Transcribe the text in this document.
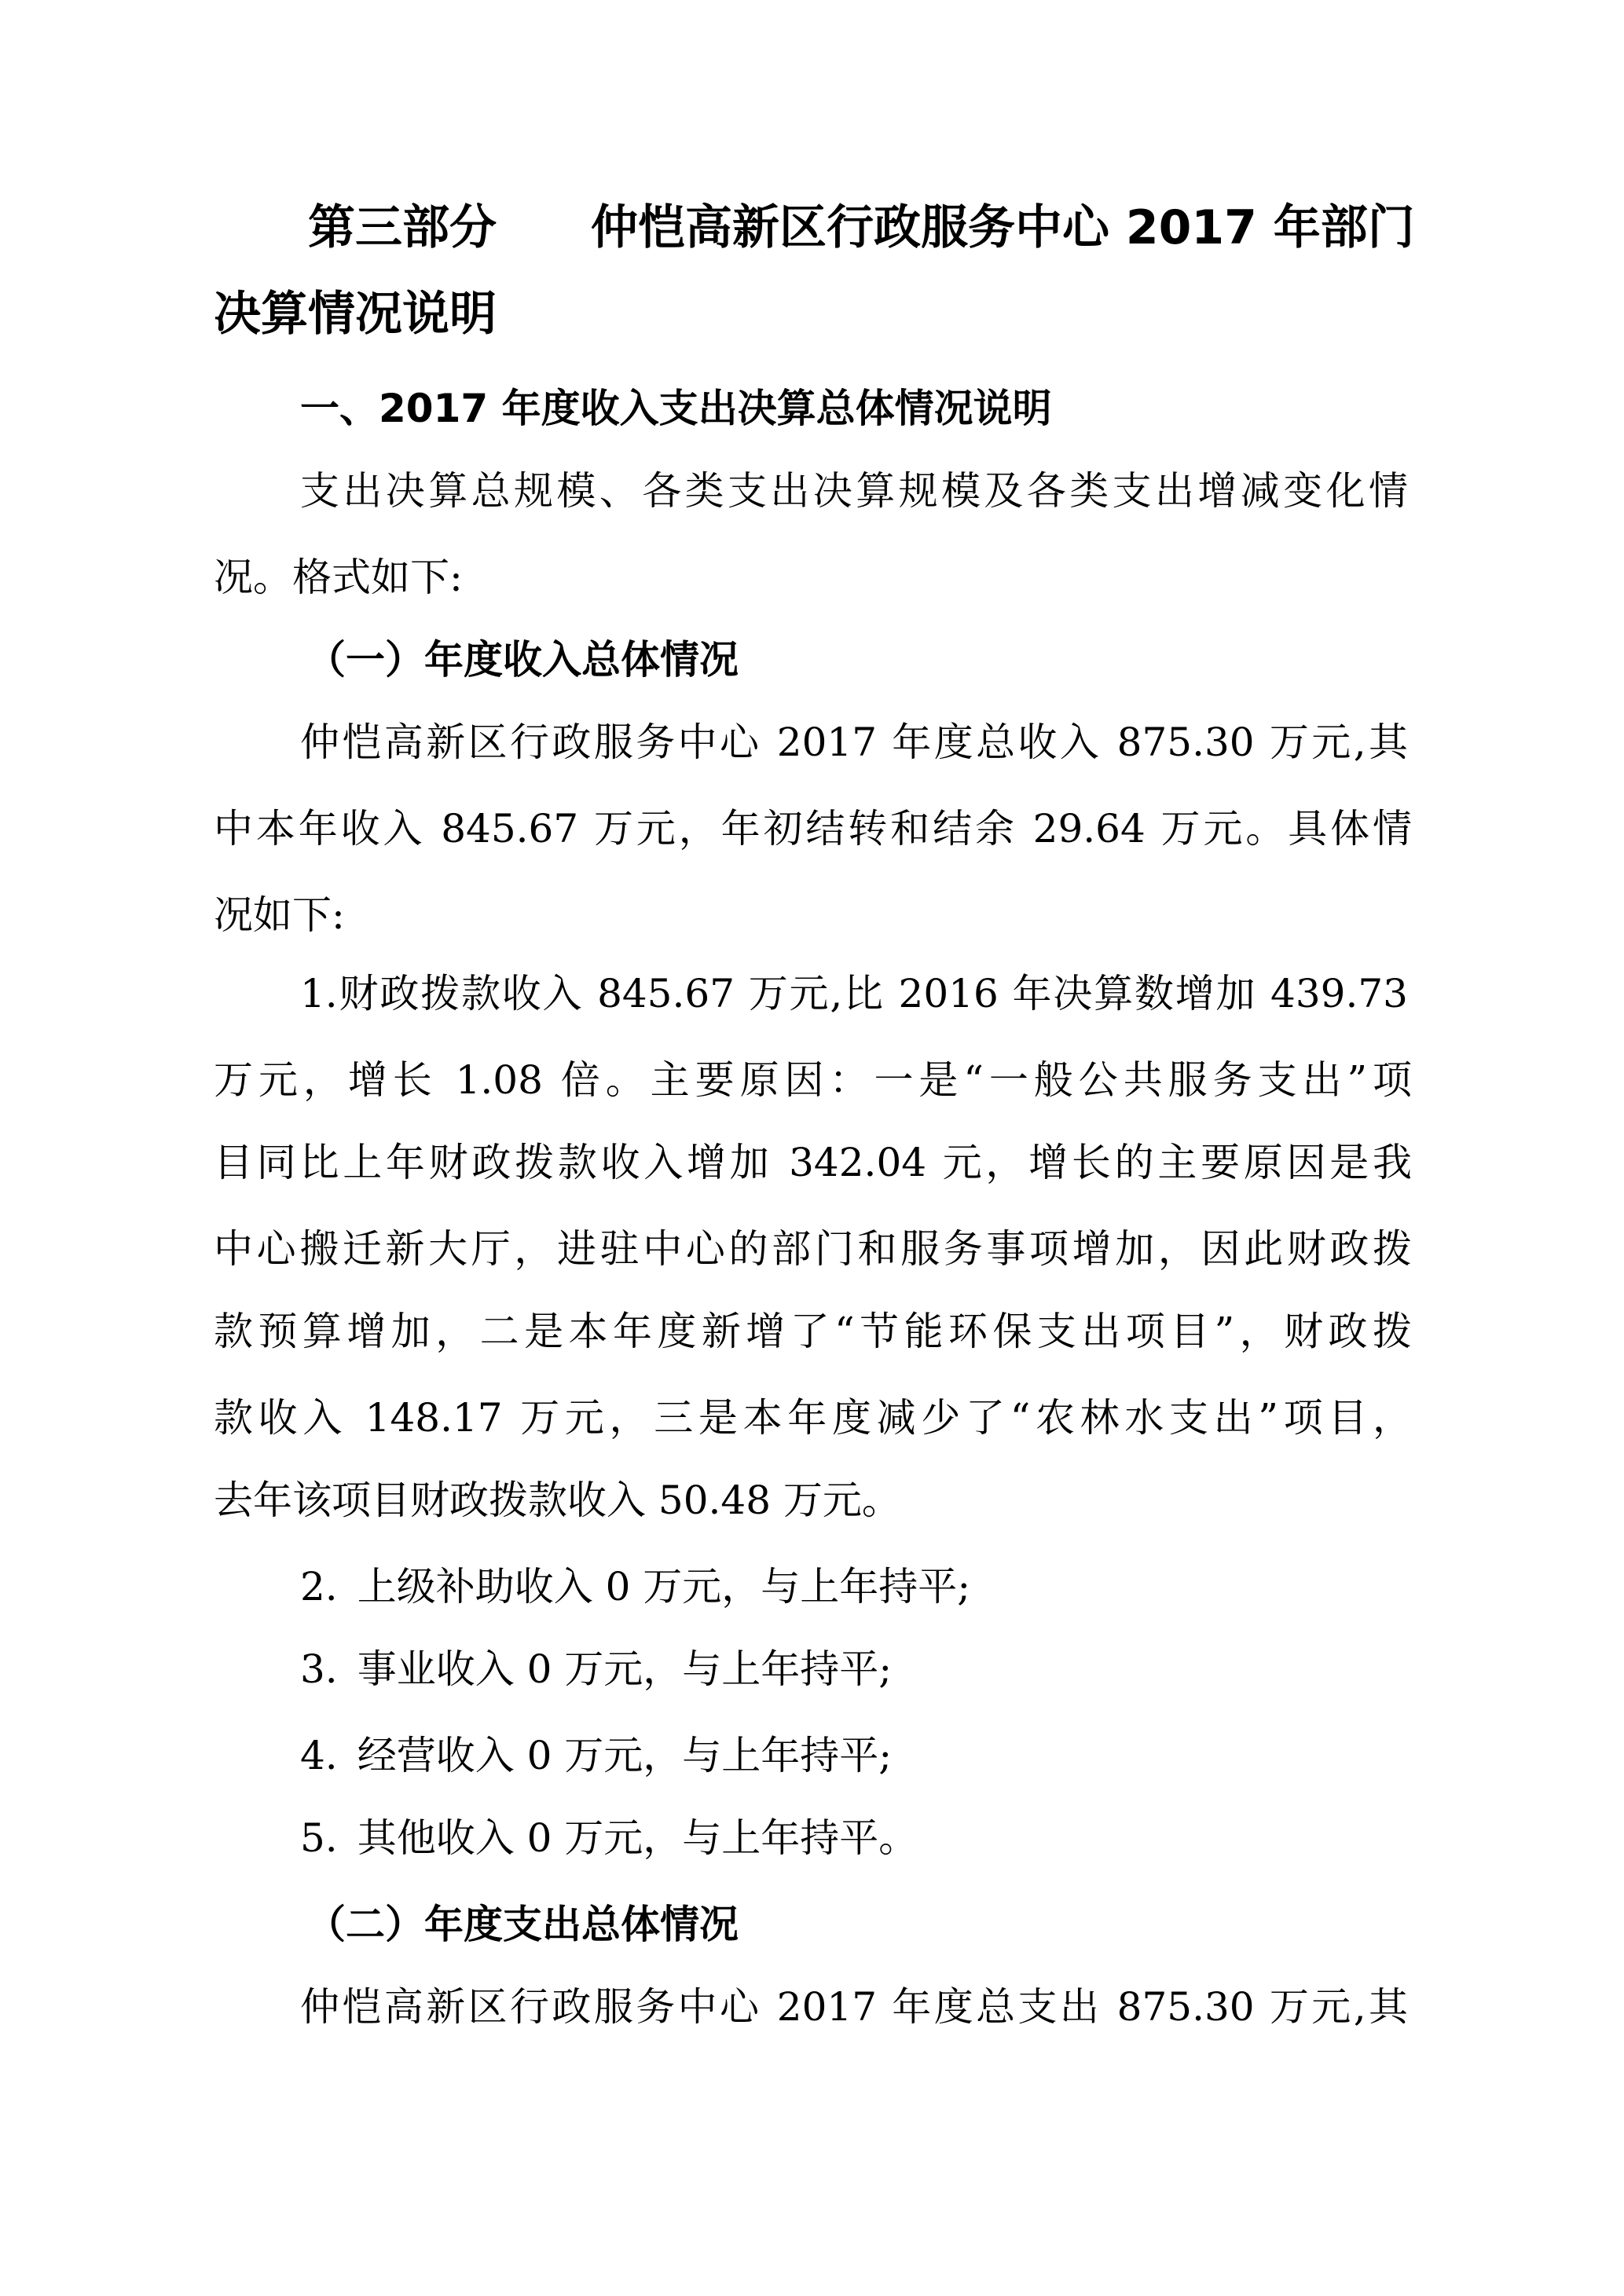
第三部分　　仲恺高新区行政服务中心 2017 年部门
决算情况说明
一、2017 年度收入支出决算总体情况说明
支出决算总规模、各类支出决算规模及各类支出增减变化情
况。格式如下:
（一）年度收入总体情况
仲恺高新区行政服务中心 2017 年度总收入 875.30 万元,其
中本年收入 845.67 万元，年初结转和结余 29.64 万元。具体情
况如下:
1.财政拨款收入 845.67 万元,比 2016 年决算数增加 439.73
万元，增长 1.08 倍。主要原因：一是“一般公共服务支出”项
目同比上年财政拨款收入增加 342.04 元，增长的主要原因是我
中心搬迁新大厅，进驻中心的部门和服务事项增加，因此财政拨
款预算增加，二是本年度新增了“节能环保支出项目”，财政拨
款收入 148.17 万元，三是本年度减少了“农林水支出”项目，
去年该项目财政拨款收入 50.48 万元。
2. 上级补助收入 0 万元，与上年持平;
3. 事业收入 0 万元，与上年持平;
4. 经营收入 0 万元，与上年持平;
5. 其他收入 0 万元，与上年持平。
（二）年度支出总体情况
仲恺高新区行政服务中心 2017 年度总支出 875.30 万元,其
